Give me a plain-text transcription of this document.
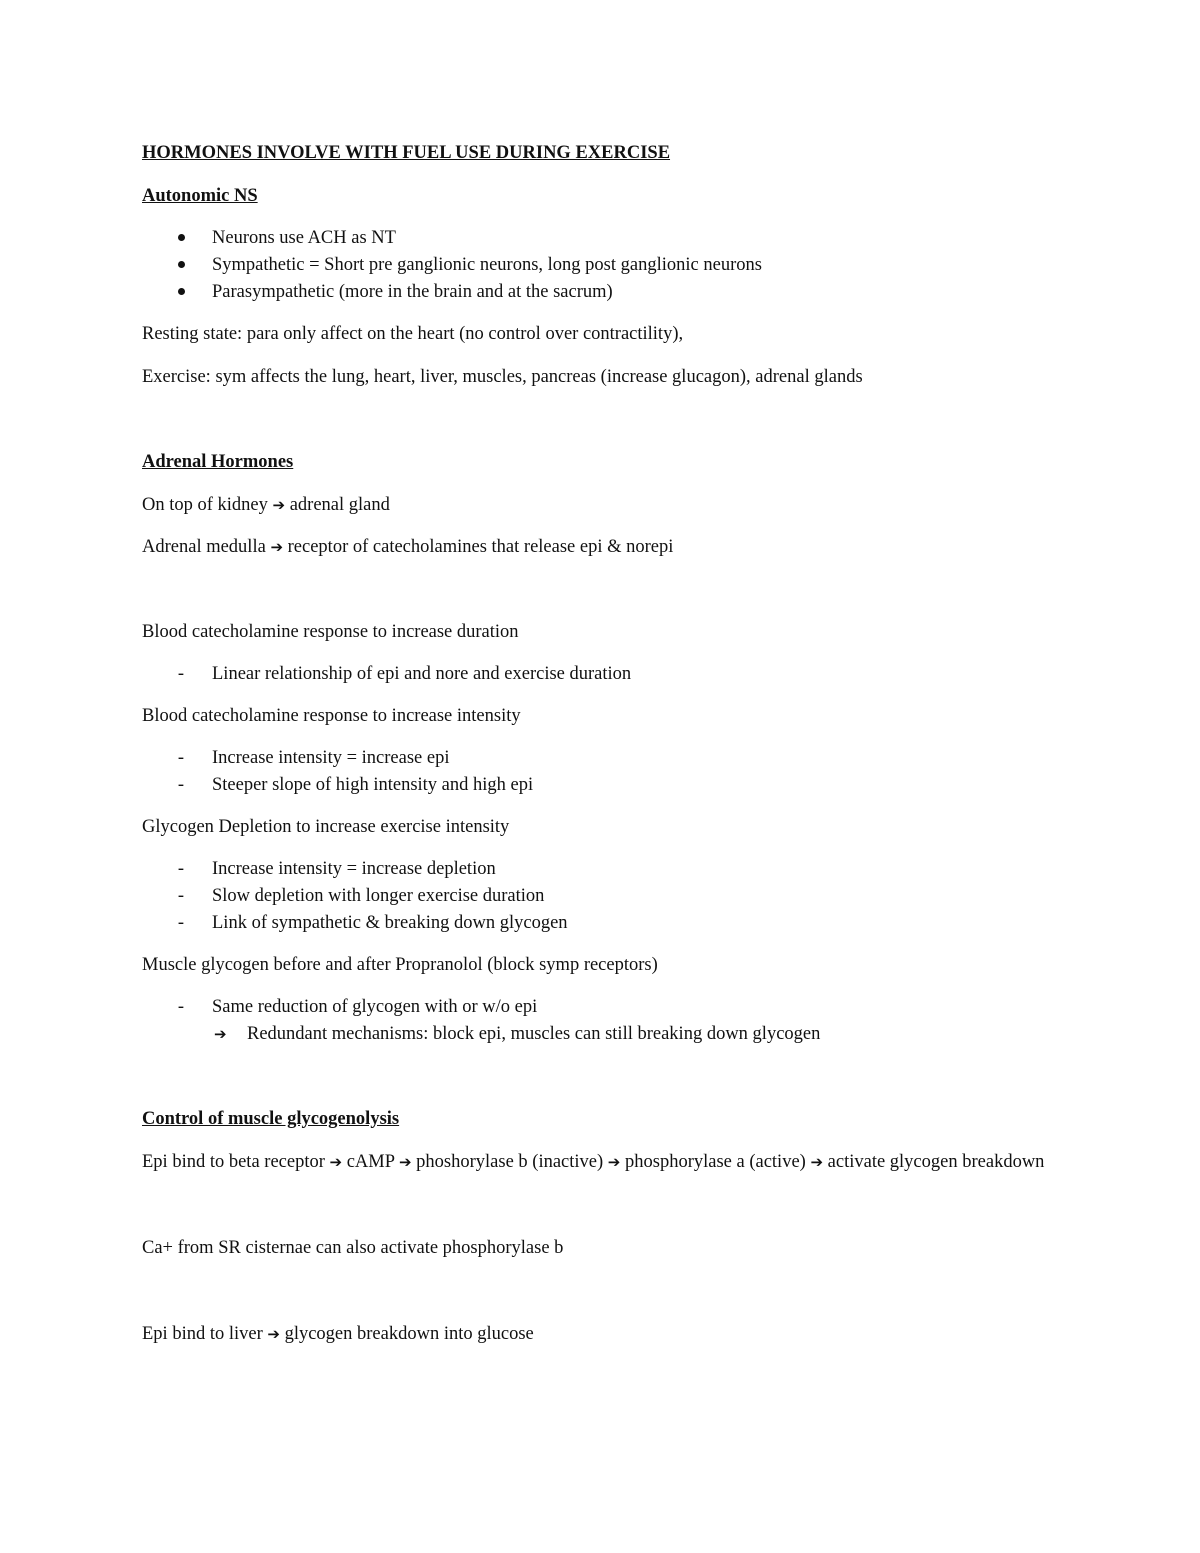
HORMONES INVOLVE WITH FUEL USE DURING EXERCISE

Autonomic NS

Neurons use ACH as NT
Sympathetic = Short pre ganglionic neurons, long post ganglionic neurons
Parasympathetic (more in the brain and at the sacrum)

Resting state: para only affect on the heart (no control over contractility),

Exercise: sym affects the lung, heart, liver, muscles, pancreas (increase glucagon), adrenal glands

Adrenal Hormones

On top of kidney ➔ adrenal gland

Adrenal medulla ➔ receptor of catecholamines that release epi & norepi

Blood catecholamine response to increase duration

- Linear relationship of epi and nore and exercise duration

Blood catecholamine response to increase intensity

- Increase intensity = increase epi
- Steeper slope of high intensity and high epi

Glycogen Depletion to increase exercise intensity

- Increase intensity = increase depletion
- Slow depletion with longer exercise duration
- Link of sympathetic & breaking down glycogen

Muscle glycogen before and after Propranolol (block symp receptors)

- Same reduction of glycogen with or w/o epi
➔ Redundant mechanisms: block epi, muscles can still breaking down glycogen

Control of muscle glycogenolysis

Epi bind to beta receptor ➔ cAMP ➔ phoshorylase b (inactive) ➔ phosphorylase a (active) ➔ activate glycogen breakdown

Ca+ from SR cisternae can also activate phosphorylase b

Epi bind to liver ➔ glycogen breakdown into glucose
